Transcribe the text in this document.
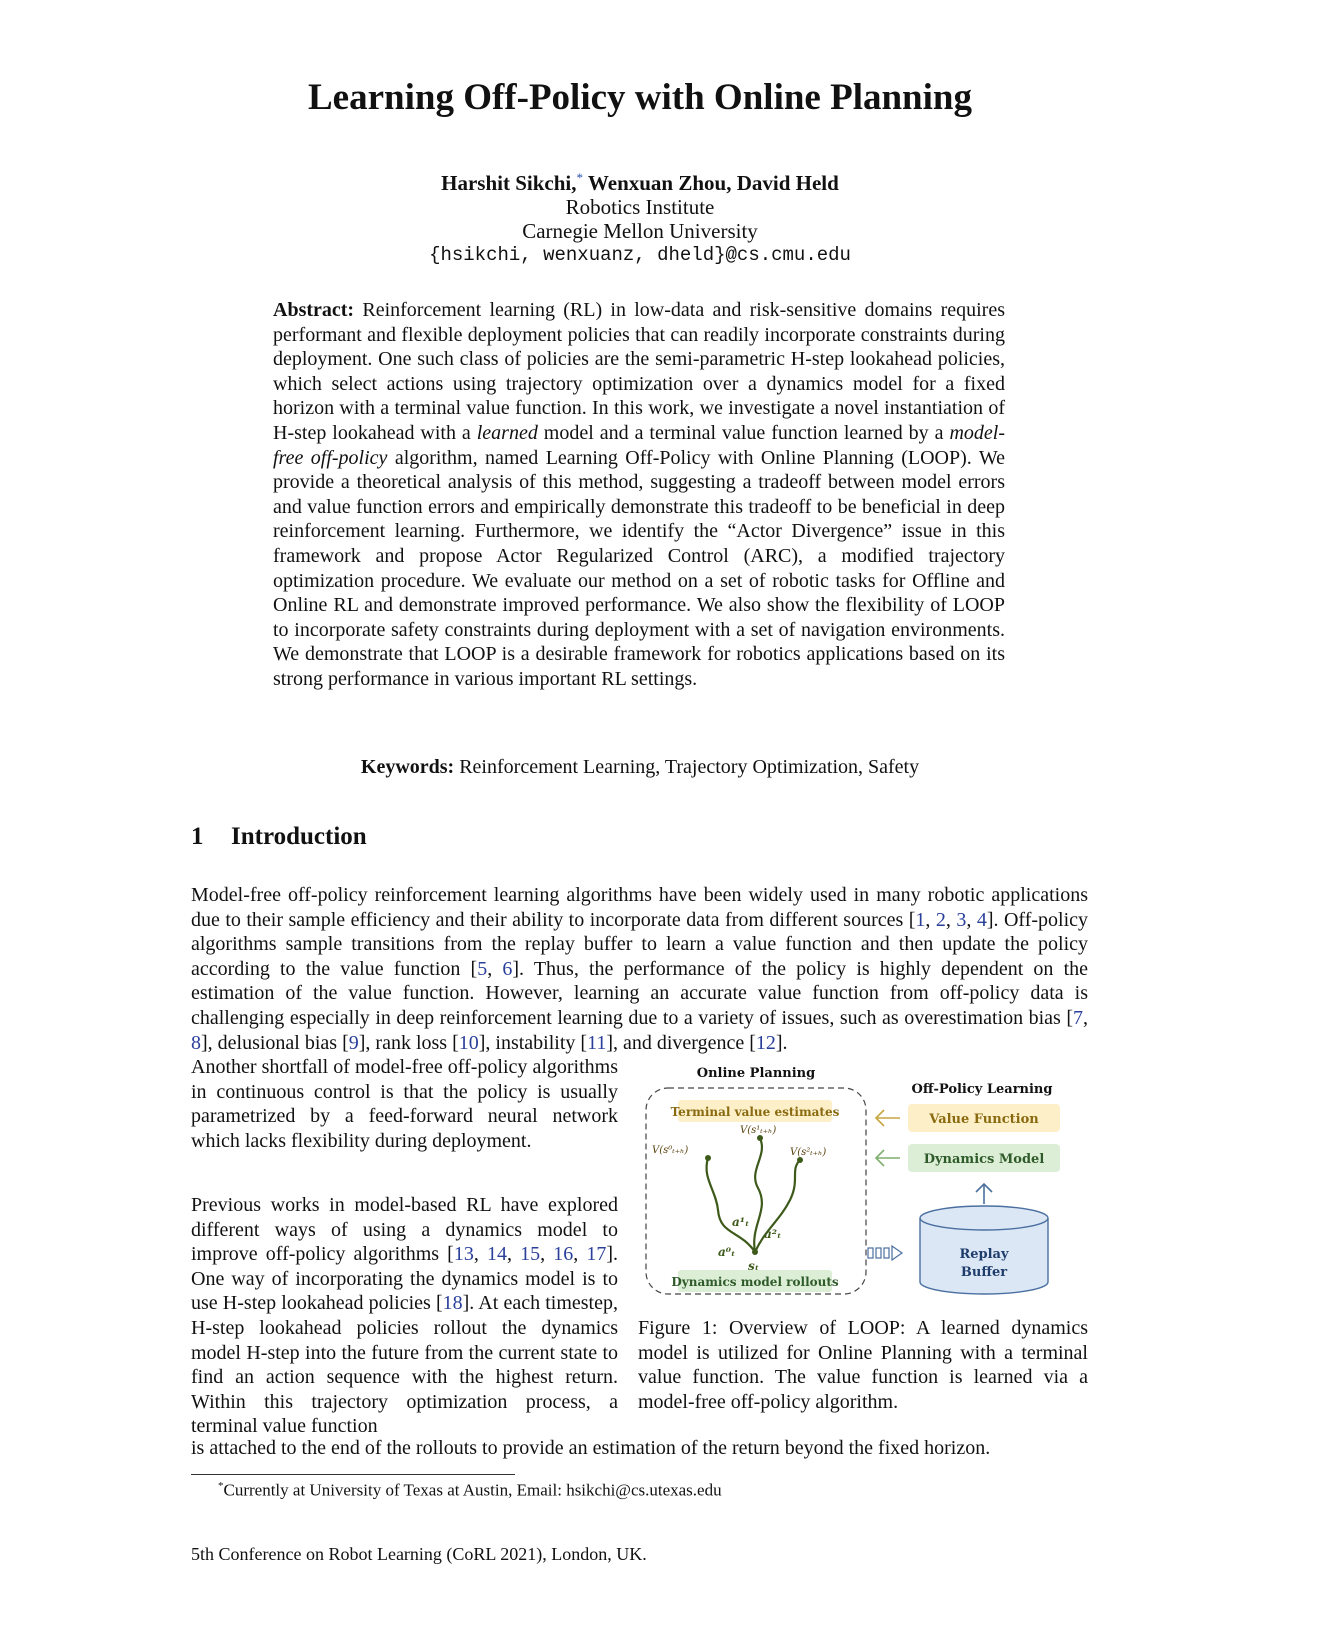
Learning Off-Policy with Online Planning
Harshit Sikchi,* Wenxuan Zhou, David Held
Robotics Institute
Carnegie Mellon University
{hsikchi, wenxuanz, dheld}@cs.cmu.edu
Abstract: Reinforcement learning (RL) in low-data and risk-sensitive domains requires performant and flexible deployment policies that can readily incorporate constraints during deployment. One such class of policies are the semi-parametric H-step lookahead policies, which select actions using trajectory optimization over a dynamics model for a fixed horizon with a terminal value function. In this work, we investigate a novel instantiation of H-step lookahead with a learned model and a terminal value function learned by a model-free off-policy algorithm, named Learning Off-Policy with Online Planning (LOOP). We provide a theoretical analysis of this method, suggesting a tradeoff between model errors and value function errors and empirically demonstrate this tradeoff to be beneficial in deep reinforcement learning. Furthermore, we identify the “Actor Divergence” issue in this framework and propose Actor Regularized Control (ARC), a modified trajectory optimization procedure. We evaluate our method on a set of robotic tasks for Offline and Online RL and demonstrate improved performance. We also show the flexibility of LOOP to incorporate safety constraints during deployment with a set of navigation environments. We demonstrate that LOOP is a desirable framework for robotics applications based on its strong performance in various important RL settings.
Keywords: Reinforcement Learning, Trajectory Optimization, Safety
1 Introduction
Model-free off-policy reinforcement learning algorithms have been widely used in many robotic applications due to their sample efficiency and their ability to incorporate data from different sources [1, 2, 3, 4]. Off-policy algorithms sample transitions from the replay buffer to learn a value function and then update the policy according to the value function [5, 6]. Thus, the performance of the policy is highly dependent on the estimation of the value function. However, learning an accurate value function from off-policy data is challenging especially in deep reinforcement learning due to a variety of issues, such as overestimation bias [7, 8], delusional bias [9], rank loss [10], instability [11], and divergence [12].
Another shortfall of model-free off-policy algorithms in continuous control is that the policy is usually parametrized by a feed-forward neural network which lacks flexibility during deployment.
Previous works in model-based RL have explored different ways of using a dynamics model to improve off-policy algorithms [13, 14, 15, 16, 17]. One way of incorporating the dynamics model is to use H-step lookahead policies [18]. At each timestep, H-step lookahead policies rollout the dynamics model H-step into the future from the current state to find an action sequence with the highest return. Within this trajectory optimization process, a terminal value function
is attached to the end of the rollouts to provide an estimation of the return beyond the fixed horizon.
Online Planning
Terminal value estimates
Dynamics model rollouts
V(s⁰ₜ₊ₕ)
V(s¹ₜ₊ₕ)
V(s²ₜ₊ₕ)
a⁰ₜ
a¹ₜ
a²ₜ
sₜ
Off-Policy Learning
Value Function
Dynamics Model
Replay
Buffer
Figure 1: Overview of LOOP: A learned dynamics model is utilized for Online Planning with a terminal value function. The value function is learned via a model-free off-policy algorithm.
*Currently at University of Texas at Austin, Email: hsikchi@cs.utexas.edu
5th Conference on Robot Learning (CoRL 2021), London, UK.
